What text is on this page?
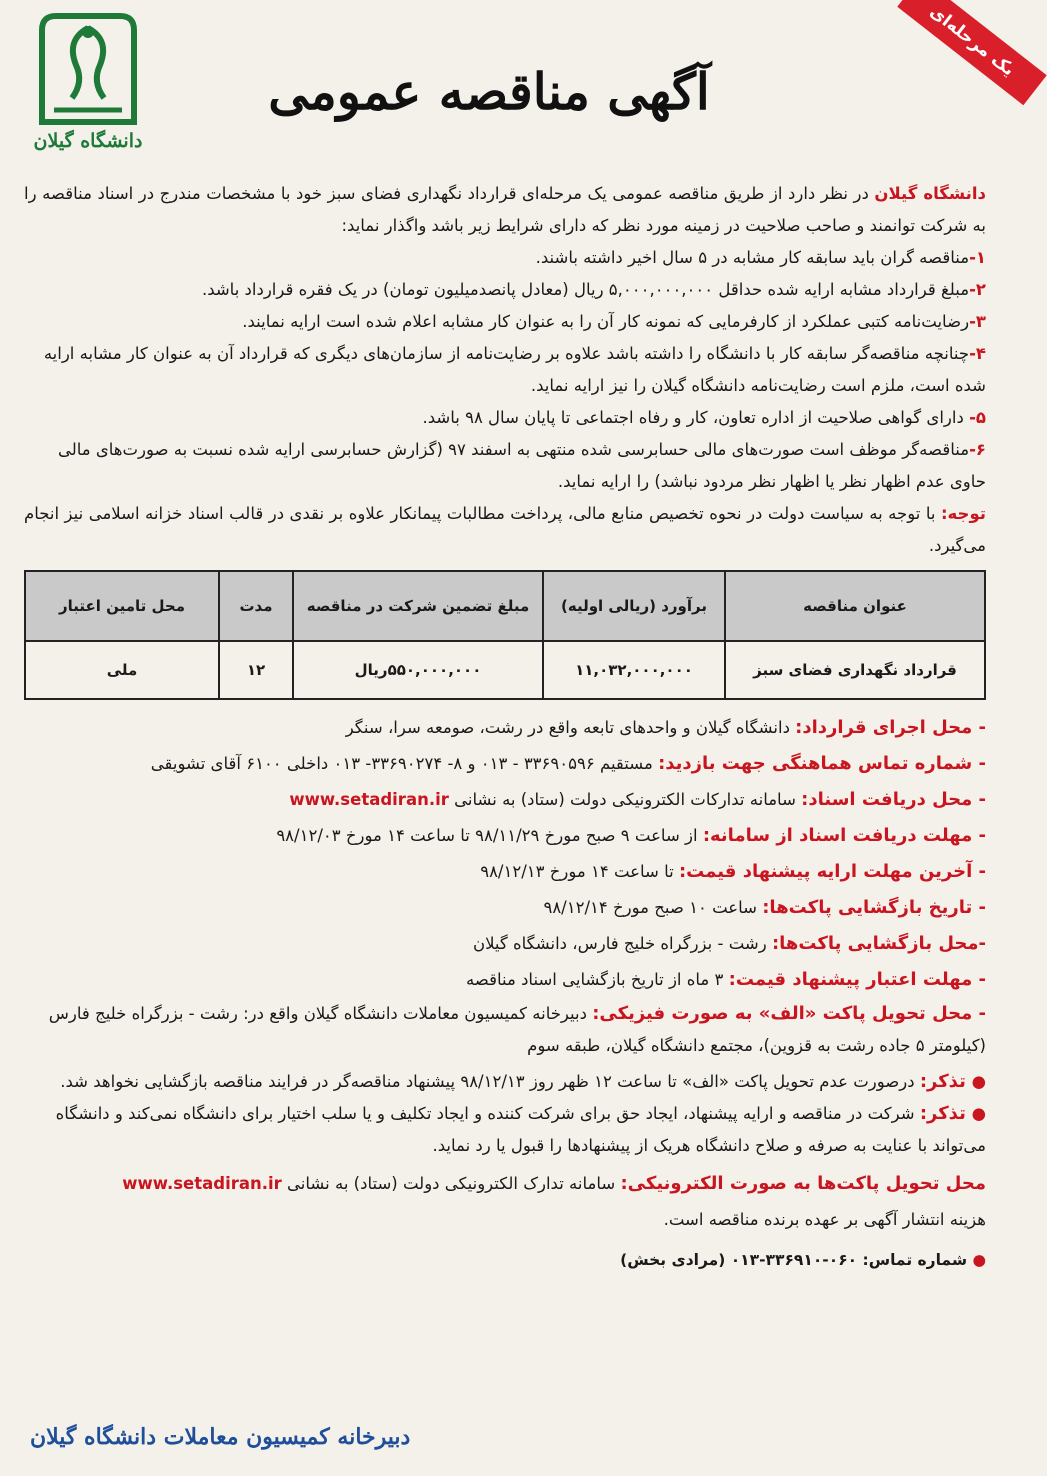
دانشگاه گیلان
آگهی مناقصه عمومی
یک مرحله‌ای

دانشگاه گیلان در نظر دارد از طریق مناقصه عمومی یک مرحله‌ای قرارداد نگهداری فضای سبز خود با مشخصات مندرج در اسناد مناقصه را به شرکت توانمند و صاحب صلاحیت در زمینه مورد نظر که دارای شرایط زیر باشد واگذار نماید:

۱-مناقصه گران باید سابقه کار مشابه در ۵ سال اخیر داشته باشند.

۲-مبلغ قرارداد مشابه ارایه شده حداقل ۵,۰۰۰,۰۰۰,۰۰۰ ریال (معادل پانصدمیلیون تومان) در یک فقره قرارداد باشد.

۳-رضایت‌نامه کتبی عملکرد از کارفرمایی که نمونه کار آن را به عنوان کار مشابه اعلام شده است ارایه نمایند.

۴-چنانچه مناقصه‌گر سابقه کار با دانشگاه را داشته باشد علاوه بر رضایت‌نامه از سازمان‌های دیگری که قرارداد آن به عنوان کار مشابه ارایه شده است، ملزم است رضایت‌نامه دانشگاه گیلان را نیز ارایه نماید.

۵- دارای گواهی صلاحیت از اداره تعاون، کار و رفاه اجتماعی تا پایان سال ۹۸ باشد.

۶-مناقصه‌گر موظف است صورت‌های مالی حسابرسی شده منتهی به اسفند ۹۷ (گزارش حسابرسی ارایه شده نسبت به صورت‌های مالی حاوی عدم اظهار نظر یا اظهار نظر مردود نباشد) را ارایه نماید.

توجه: با توجه به سیاست دولت در نحوه تخصیص منابع مالی، پرداخت مطالبات پیمانکار علاوه بر نقدی در قالب اسناد خزانه اسلامی نیز انجام می‌گیرد.

عنوان مناقصه	برآورد (ریالی اولیه)	مبلغ تضمین شرکت در مناقصه	مدت	محل تامین اعتبار
قرارداد نگهداری فضای سبز	۱۱,۰۳۲,۰۰۰,۰۰۰	۵۵۰,۰۰۰,۰۰۰ریال	۱۲	ملی

- محل اجرای قرارداد: دانشگاه گیلان و واحدهای تابعه واقع در رشت، صومعه سرا، سنگر

- شماره تماس هماهنگی جهت بازدید: مستقیم ۳۳۶۹۰۵۹۶ - ۰۱۳ و ۸- ۳۳۶۹۰۲۷۴- ۰۱۳ داخلی ۶۱۰۰ آقای تشویقی

- محل دریافت اسناد: سامانه تدارکات الکترونیکی دولت (ستاد) به نشانی www.setadiran.ir

- مهلت دریافت اسناد از سامانه: از ساعت ۹ صبح مورخ ۹۸/۱۱/۲۹ تا ساعت ۱۴ مورخ ۹۸/۱۲/۰۳

- آخرین مهلت ارایه پیشنهاد قیمت: تا ساعت ۱۴ مورخ ۹۸/۱۲/۱۳

- تاریخ بازگشایی پاکت‌ها: ساعت ۱۰ صبح مورخ ۹۸/۱۲/۱۴

-محل بازگشایی پاکت‌ها: رشت - بزرگراه خلیج فارس، دانشگاه گیلان

- مهلت اعتبار پیشنهاد قیمت: ۳ ماه از تاریخ بازگشایی اسناد مناقصه

- محل تحویل پاکت «الف» به صورت فیزیکی: دبیرخانه کمیسیون معاملات دانشگاه گیلان واقع در: رشت - بزرگراه خلیج فارس (کیلومتر ۵ جاده رشت به قزوین)، مجتمع دانشگاه گیلان، طبقه سوم

● تذکر: درصورت عدم تحویل پاکت «الف» تا ساعت ۱۲ ظهر روز ۹۸/۱۲/۱۳ پیشنهاد مناقصه‌گر در فرایند مناقصه بازگشایی نخواهد شد.

● تذکر: شرکت در مناقصه و ارایه پیشنهاد، ایجاد حق برای شرکت کننده و ایجاد تکلیف و یا سلب اختیار برای دانشگاه نمی‌کند و دانشگاه می‌تواند با عنایت به صرفه و صلاح دانشگاه هریک از پیشنهادها را قبول یا رد نماید.

محل تحویل پاکت‌ها به صورت الکترونیکی: سامانه تدارک الکترونیکی دولت (ستاد) به نشانی www.setadiran.ir

هزینه انتشار آگهی بر عهده برنده مناقصه است.

● شماره تماس: ۰۶۰-۳۳۶۹۱۰-۰۱۳ (مرادی بخش)

دبیرخانه کمیسیون معاملات دانشگاه گیلان
